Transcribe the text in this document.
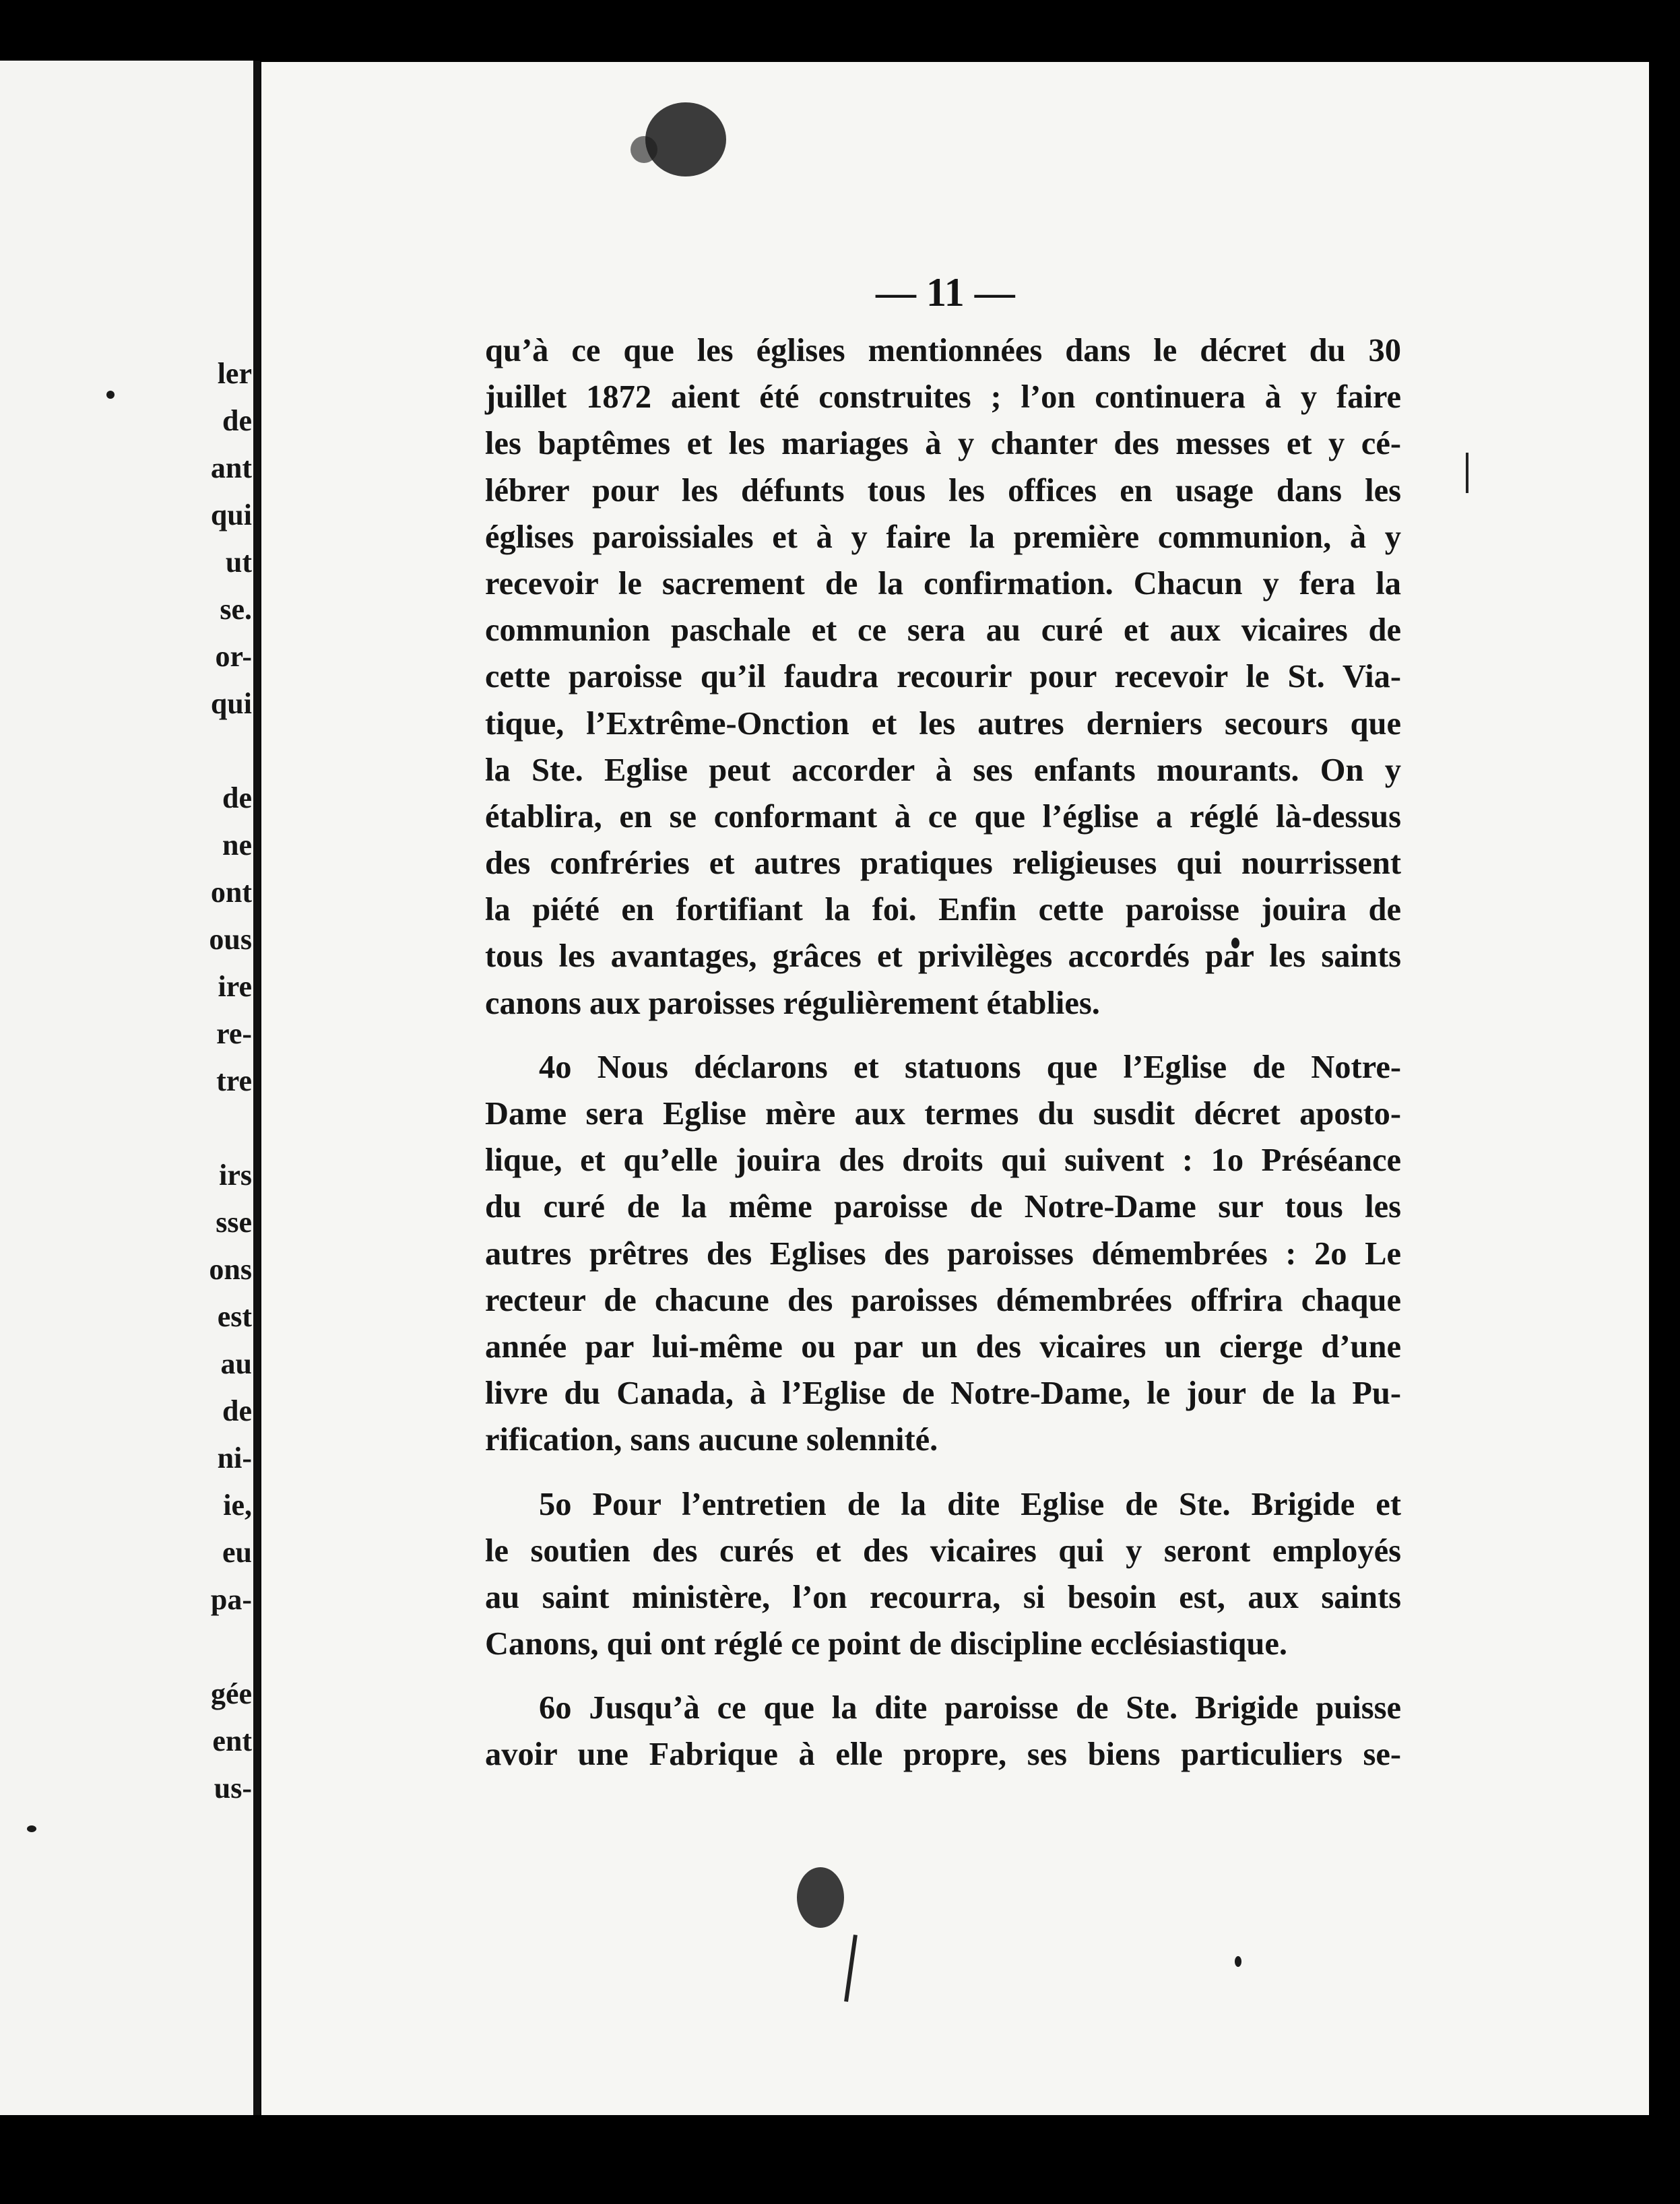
ler
de
ant
qui
ut
se.
or-
qui
de
ne
ont
ous
ire
re-
tre
irs
sse
ons
est
au
de
ni-
ie,
eu
pa-
gée
ent
us-
— 11 —
qu’à ce que les églises mentionnées dans le décret du 30
juillet 1872 aient été construites ; l’on continuera à y faire
les baptêmes et les mariages à y chanter des messes et y cé-
lébrer pour les défunts tous les offices en usage dans les
églises paroissiales et à y faire la première communion, à y
recevoir le sacrement de la confirmation. Chacun y fera la
communion paschale et ce sera au curé et aux vicaires de
cette paroisse qu’il faudra recourir pour recevoir le St. Via-
tique, l’Extrême-Onction et les autres derniers secours que
la Ste. Eglise peut accorder à ses enfants mourants. On y
établira, en se conformant à ce que l’église a réglé là-dessus
des confréries et autres pratiques religieuses qui nourrissent
la piété en fortifiant la foi. Enfin cette paroisse jouira de
tous les avantages, grâces et privilèges accordés par les saints
canons aux paroisses régulièrement établies.
4o Nous déclarons et statuons que l’Eglise de Notre-
Dame sera Eglise mère aux termes du susdit décret aposto-
lique, et qu’elle jouira des droits qui suivent : 1o Préséance
du curé de la même paroisse de Notre-Dame sur tous les
autres prêtres des Eglises des paroisses démembrées : 2o Le
recteur de chacune des paroisses démembrées offrira chaque
année par lui-même ou par un des vicaires un cierge d’une
livre du Canada, à l’Eglise de Notre-Dame, le jour de la Pu-
rification, sans aucune solennité.
5o Pour l’entretien de la dite Eglise de Ste. Brigide et
le soutien des curés et des vicaires qui y seront employés
au saint ministère, l’on recourra, si besoin est, aux saints
Canons, qui ont réglé ce point de discipline ecclésiastique.
6o Jusqu’à ce que la dite paroisse de Ste. Brigide puisse
avoir une Fabrique à elle propre, ses biens particuliers se-
